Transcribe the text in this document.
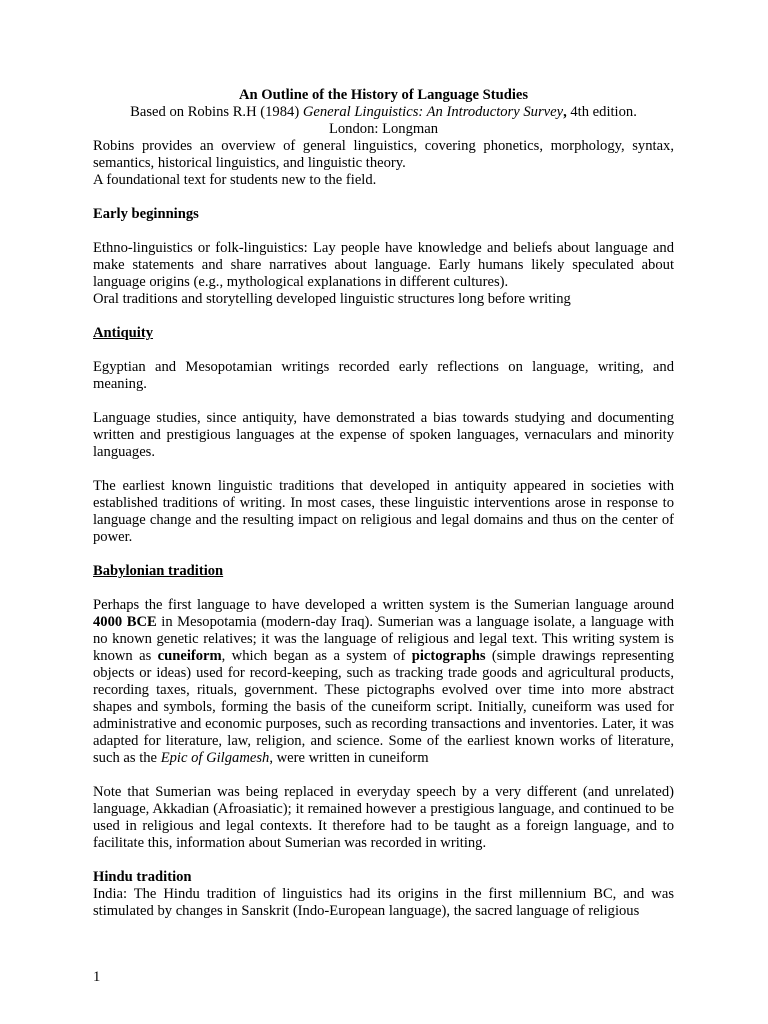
An Outline of the History of Language Studies
Based on Robins R.H (1984) General Linguistics: An Introductory Survey, 4th edition.
London: Longman

Robins provides an overview of general linguistics, covering phonetics, morphology, syntax, semantics, historical linguistics, and linguistic theory.

A foundational text for students new to the field.

Early beginnings

Ethno-linguistics or folk-linguistics: Lay people have knowledge and beliefs about language and make statements and share narratives about language. Early humans likely speculated about language origins (e.g., mythological explanations in different cultures).

Oral traditions and storytelling developed linguistic structures long before writing

Antiquity

Egyptian and Mesopotamian writings recorded early reflections on language, writing, and meaning.

Language studies, since antiquity, have demonstrated a bias towards studying and documenting written and prestigious languages at the expense of spoken languages, vernaculars and minority languages.

The earliest known linguistic traditions that developed in antiquity appeared in societies with established traditions of writing. In most cases, these linguistic interventions arose in response to language change and the resulting impact on religious and legal domains and thus on the center of power.

Babylonian tradition

Perhaps the first language to have developed a written system is the Sumerian language around 4000 BCE in Mesopotamia (modern-day Iraq). Sumerian was a language isolate, a language with no known genetic relatives; it was the language of religious and legal text. This writing system is known as cuneiform, which began as a system of pictographs (simple drawings representing objects or ideas) used for record-keeping, such as tracking trade goods and agricultural products, recording taxes, rituals, government. These pictographs evolved over time into more abstract shapes and symbols, forming the basis of the cuneiform script. Initially, cuneiform was used for administrative and economic purposes, such as recording transactions and inventories. Later, it was adapted for literature, law, religion, and science. Some of the earliest known works of literature, such as the Epic of Gilgamesh, were written in cuneiform

Note that Sumerian was being replaced in everyday speech by a very different (and unrelated) language, Akkadian (Afroasiatic); it remained however a prestigious language, and continued to be used in religious and legal contexts. It therefore had to be taught as a foreign language, and to facilitate this, information about Sumerian was recorded in writing.

Hindu tradition

India: The Hindu tradition of linguistics had its origins in the first millennium BC, and was stimulated by changes in Sanskrit (Indo-European language), the sacred language of religious

1
